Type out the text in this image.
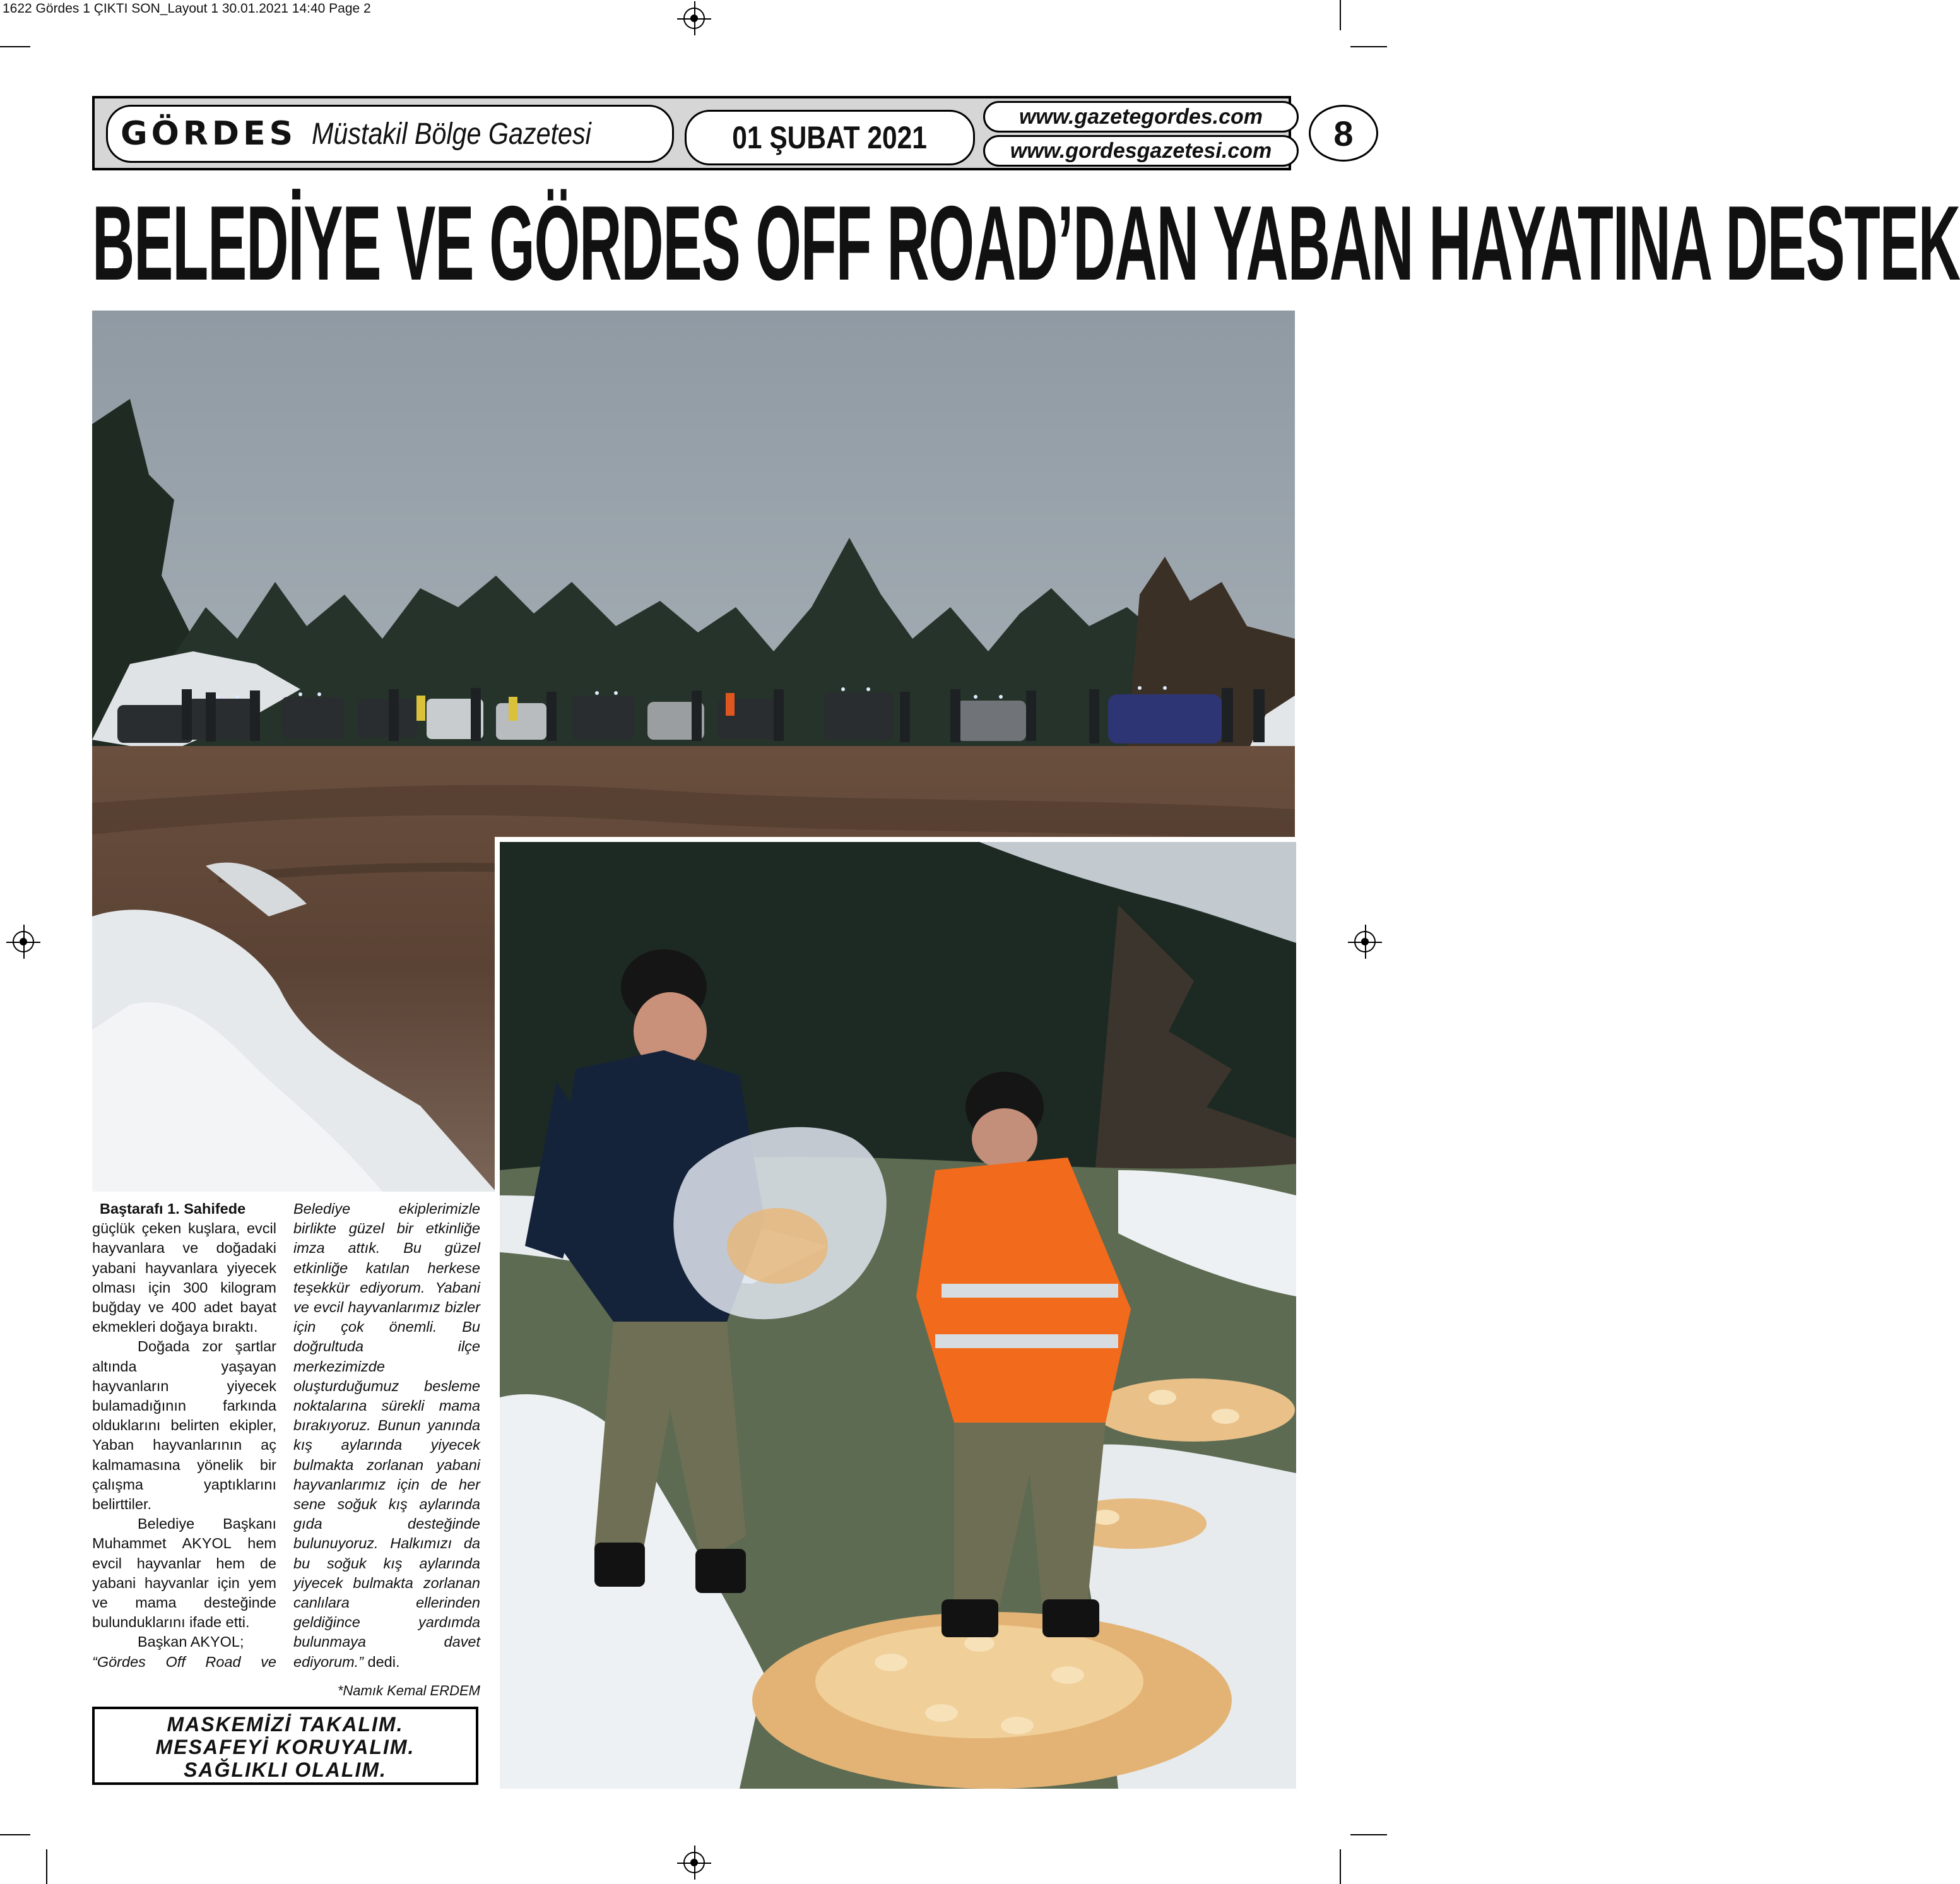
1622 Gördes 1 ÇIKTI SON_Layout 1 30.01.2021 14:40 Page 2
GÖRDES Müstakil Bölge Gazetesi	01 ŞUBAT 2021
www.gazetegordes.com
www.gordesgazetesi.com	8
BELEDİYE VE GÖRDES OFF ROAD’DAN YABAN HAYATINA DESTEK

Baştarafı 1. Sahifede

güçlük çeken kuşlara, evcil hayvanlara ve doğadaki yabani hayvanlara yiyecek olması için 300 kilogram buğday ve 400 adet bayat ekmekleri doğaya bıraktı.

Doğada zor şartlar altında yaşayan hayvanların yiyecek bulamadığının farkında olduklarını belirten ekipler, Yaban hayvanlarının aç kalmamasına yönelik bir çalışma yaptıklarını belirttiler.

Belediye Başkanı Muhammet AKYOL hem evcil hayvanlar hem de yabani hayvanlar için yem ve mama desteğinde bulunduklarını ifade etti.

Başkan AKYOL;

“Gördes Off Road ve

Belediye ekiplerimizle birlikte güzel bir etkinliğe imza attık. Bu güzel etkinliğe katılan herkese teşekkür ediyorum. Yabani ve evcil hayvanlarımız bizler için çok önemli. Bu doğrultuda ilçe merkezimizde oluşturduğumuz besleme noktalarına sürekli mama bırakıyoruz. Bunun yanında kış aylarında yiyecek bulmakta zorlanan yabani hayvanlarımız için de her sene soğuk kış aylarında gıda desteğinde bulunuyoruz. Halkımızı da bu soğuk kış aylarında yiyecek bulmakta zorlanan canlılara ellerinden geldiğince yardımda bulunmaya davet ediyorum.” dedi.

*Namık Kemal ERDEM
MASKEMİZİ TAKALIM.
MESAFEYİ KORUYALIM.
SAĞLIKLI OLALIM.
